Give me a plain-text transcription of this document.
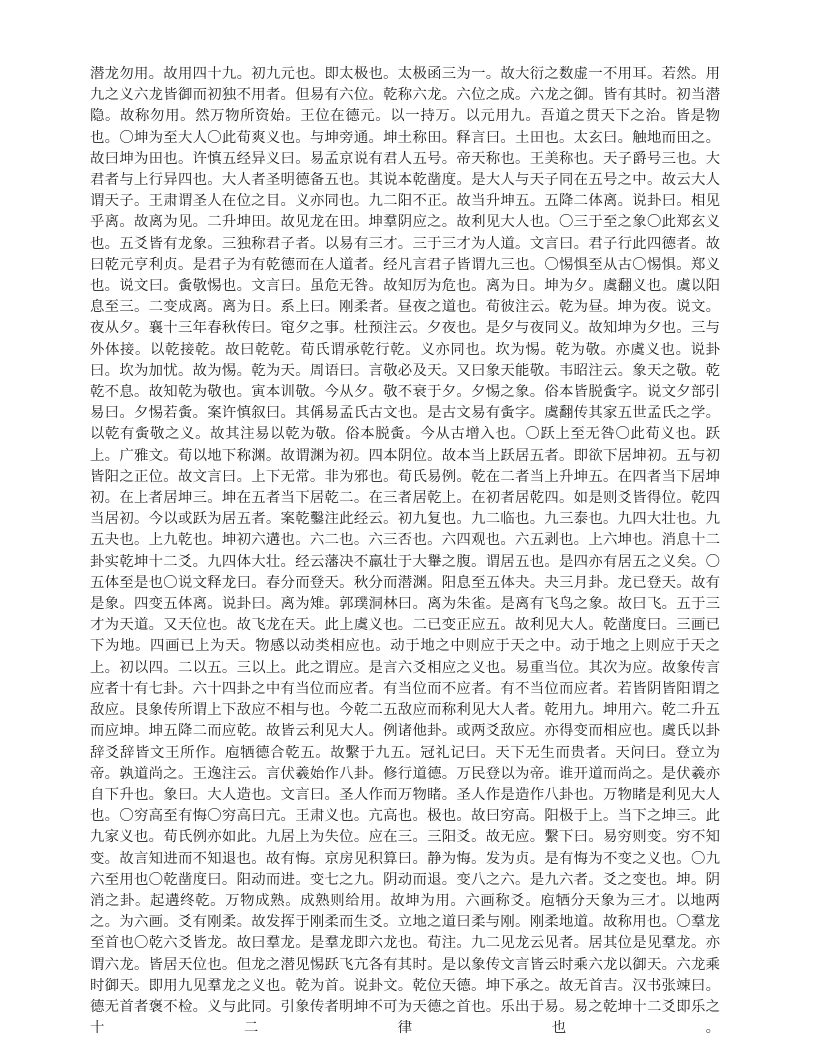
潜龙勿用。故用四十九。初九元也。即太极也。太极函三为一。故大衍之数虚一不用耳。若然。用九之义六龙皆御而初独不用者。但易有六位。乾称六龙。六位之成。六龙之御。皆有其时。初当潜隐。故称勿用。然万物所资始。王位在德元。以一持万。以元用九。吾道之贯天下之治。皆是物也。〇坤为至大人〇此荀爽义也。与坤旁通。坤土称田。释言曰。土田也。太玄曰。触地而田之。故曰坤为田也。许慎五经异义曰。易孟京说有君人五号。帝天称也。王美称也。天子爵号三也。大君者与上行异四也。大人者圣明德备五也。其说本乾凿度。是大人与天子同在五号之中。故云大人谓天子。王肃谓圣人在位之目。义亦同也。九二阳不正。故当升坤五。五降二体离。说卦曰。相见乎离。故离为见。二升坤田。故见龙在田。坤羣阴应之。故利见大人也。〇三于至之象〇此郑玄义也。五爻皆有龙象。三独称君子者。以易有三才。三于三才为人道。文言曰。君子行此四德者。故曰乾元亨利贞。是君子为有乾德而在人道者。经凡言君子皆谓九三也。〇惕惧至从古〇惕惧。郑义也。说文曰。夤敬惕也。文言曰。虽危无咎。故知厉为危也。离为日。坤为夕。虞翻义也。虞以阳息至三。二变成离。离为日。系上曰。刚柔者。昼夜之道也。荀彼注云。乾为昼。坤为夜。说文。夜从夕。襄十三年春秋传曰。窀夕之事。杜预注云。夕夜也。是夕与夜同义。故知坤为夕也。三与外体接。以乾接乾。故曰乾乾。荀氏谓承乾行乾。义亦同也。坎为惕。乾为敬。亦虞义也。说卦曰。坎为加忧。故为惕。乾为天。周语曰。言敬必及天。又曰象天能敬。韦昭注云。象天之敬。乾乾不息。故知乾为敬也。寅本训敬。今从夕。敬不衰于夕。夕惕之象。俗本皆脱夤字。说文夕部引易曰。夕惕若夤。案许慎叙曰。其偁易孟氏古文也。是古文易有夤字。虞翻传其家五世孟氏之学。以乾有夤敬之义。故其注易以乾为敬。俗本脱夤。今从古增入也。〇跃上至无咎〇此荀义也。跃上。广雅文。荀以地下称渊。故谓渊为初。四本阴位。故本当上跃居五者。即欲下居坤初。五与初皆阳之正位。故文言曰。上下无常。非为邪也。荀氏易例。乾在二者当上升坤五。在四者当下居坤初。在上者居坤三。坤在五者当下居乾二。在三者居乾上。在初者居乾四。如是则爻皆得位。乾四当居初。今以或跃为居五者。案乾鑿注此经云。初九复也。九二临也。九三泰也。九四大壮也。九五夬也。上九乾也。坤初六遘也。六二也。六三否也。六四观也。六五剥也。上六坤也。消息十二卦实乾坤十二爻。九四体大壮。经云藩决不羸壮于大轝之腹。谓居五也。是四亦有居五之义矣。〇五体至是也〇说文释龙曰。春分而登天。秋分而潜渊。阳息至五体夬。夬三月卦。龙已登天。故有是象。四变五体离。说卦曰。离为雉。郭璞洞林曰。离为朱雀。是离有飞鸟之象。故曰飞。五于三才为天道。又天位也。故飞龙在天。此上虞义也。二已变正应五。故利见大人。乾凿度曰。三画已下为地。四画已上为天。物感以动类相应也。动于地之中则应于天之中。动于地之上则应于天之上。初以四。二以五。三以上。此之谓应。是言六爻相应之义也。易重当位。其次为应。故象传言应者十有七卦。六十四卦之中有当位而应者。有当位而不应者。有不当位而应者。若皆阴皆阳谓之敌应。艮象传所谓上下敌应不相与也。今乾二五敌应而称利见大人者。乾用九。坤用六。乾二升五而应坤。坤五降二而应乾。故皆云利见大人。例诸他卦。或两爻敌应。亦得变而相应也。虞氏以卦辞爻辞皆文王所作。庖牺德合乾五。故繫于九五。冠礼记曰。天下无生而贵者。天问曰。登立为帝。孰道尚之。王逸注云。言伏羲始作八卦。修行道德。万民登以为帝。谁开道而尚之。是伏羲亦自下升也。象曰。大人造也。文言曰。圣人作而万物睹。圣人作是造作八卦也。万物睹是利见大人也。〇穷高至有悔〇穷高曰亢。王肃义也。亢高也。极也。故曰穷高。阳极于上。当下之坤三。此九家义也。荀氏例亦如此。九居上为失位。应在三。三阳爻。故无应。繫下曰。易穷则变。穷不知变。故言知进而不知退也。故有悔。京房见积算曰。静为悔。发为贞。是有悔为不变之义也。〇九六至用也〇乾凿度曰。阳动而进。变七之九。阴动而退。变八之六。是九六者。爻之变也。坤。阴消之卦。起遘终乾。万物成熟。成熟则给用。故坤为用。六画称爻。庖牺分天象为三才。以地两之。为六画。爻有刚柔。故发挥于刚柔而生爻。立地之道曰柔与刚。刚柔地道。故称用也。〇羣龙至首也〇乾六爻皆龙。故曰羣龙。是羣龙即六龙也。荀注。九二见龙云见者。居其位是见羣龙。亦谓六龙。皆居天位也。但龙之潜见惕跃飞亢各有其时。是以象传文言皆云时乘六龙以御天。六龙乘时御天。即用九见羣龙之义也。乾为首。说卦文。乾位天德。坤下承之。故无首吉。汉书张竦曰。德无首者褒不检。义与此同。引象传者明坤不可为天德之首也。乐出于易。易之乾坤十二爻即乐之十二律也。
